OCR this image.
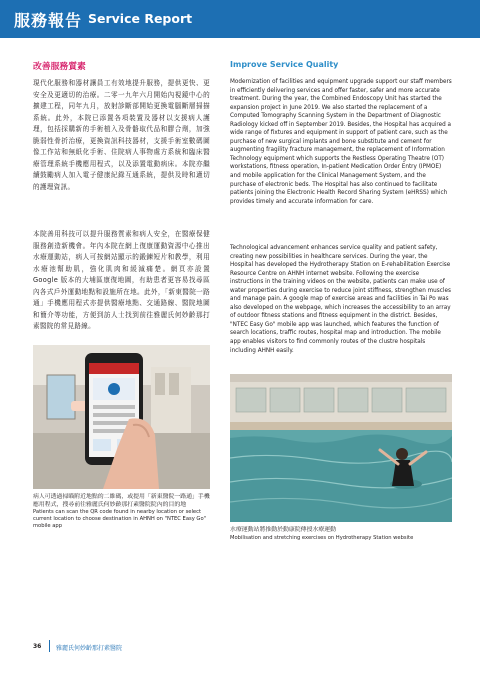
服務報告 Service Report
改善服務質素	Improve Service Quality

現代化服務和器材讓員工有效地提升服務，提供更快、更安全及更適切的治療。二零一九年六月開始內視鏡中心的擴建工程，同年九月，放射診斷部開始更換電腦斷層掃描系統。此外，本院已添置各項裝置及器材以支援病人護理，包括採購新的手術植入及骨骼取代品和膠合劑，加強脆弱性骨折治療，更換資訊科技器材，支援手術室數碼圖像工作站和無紙化手術、住院病人事物處方系統和臨床醫療管理系統手機應用程式，以及添置電動病床。本院亦繼續鼓勵病人加入電子健康紀錄互通系統，提供及時和適切的護理資訊。

本院善用科技可以提升服務質素和病人安全，在醫療保健服務創造新機會。年內本院在網上復康運動資源中心推出水療運動站，病人可按網站顯示的鍛鍊短片和教學，利用水療池幫助肌，強化肌肉和緩減痛楚。網頁亦設置 Google 版本的大埔區康復地圖，有助患者更容易找尋區內各式戶外運動地點和設施所在地。此外，「新東醫院一路通」手機應用程式亦提供醫療地點、交通路線、醫院地圖和簡介等功能，方便到訪人士找到前往雅麗氏何妙齡那打素醫院的常見路線。

Modernization of facilities and equipment upgrade support our staff members in efficiently delivering services and offer faster, safer and more accurate treatment. During the year, the Combined Endoscopy Unit has started the expansion project in June 2019. We also started the replacement of a Computed Tomography Scanning System in the Department of Diagnostic Radiology kicked off in September 2019. Besides, the Hospital has acquired a wide range of fixtures and equipment in support of patient care, such as the purchase of new surgical implants and bone substitute and cement for augmenting fragility fracture management, the replacement of Information Technology equipment which supports the Restless Operating Theatre (OT) workstations, fitness operation, In-patient Medication Order Entry (IPMOE) and mobile application for the Clinical Management System, and the purchase of electronic beds. The Hospital has also continued to facilitate patients joining the Electronic Health Record Sharing System (eHRSS) which provides timely and accurate information for care.

Technological advancement enhances service quality and patient safety, creating new possibilities in healthcare services. During the year, the Hospital has developed the Hydrotherapy Station on E-rehabilitation Exercise Resource Centre on AHNH internet website. Following the exercise instructions in the training videos on the website, patients can make use of water properties during exercise to reduce joint stiffness, strengthen muscles and manage pain. A google map of exercise areas and facilities in Tai Po was also developed on the webpage, which increases the accessibility to an array of outdoor fitness stations and fitness equipment in the district. Besides, "NTEC Easy Go" mobile app was launched, which features the function of search locations, traffic routes, hospital map and introduction. The mobile app enables visitors to find commonly routes of the clustre hospitals including AHNH easily.

病人可透過掃瞄附近地點的二維碼，或提用「新東醫院一路通」手機應用程式，搜尋前往雅麗氏何妙齡那打素醫院院內的目的地

Patients can scan the QR code found in nearby location or select current location to choose destination in AHNH on "NTEC Easy Go" mobile app

水療運動站將推動於動康院傳授水療運動

Mobilisation and stretching exercises on Hydrotherapy Station website

36 雅麗氏何妙齡那打素醫院
